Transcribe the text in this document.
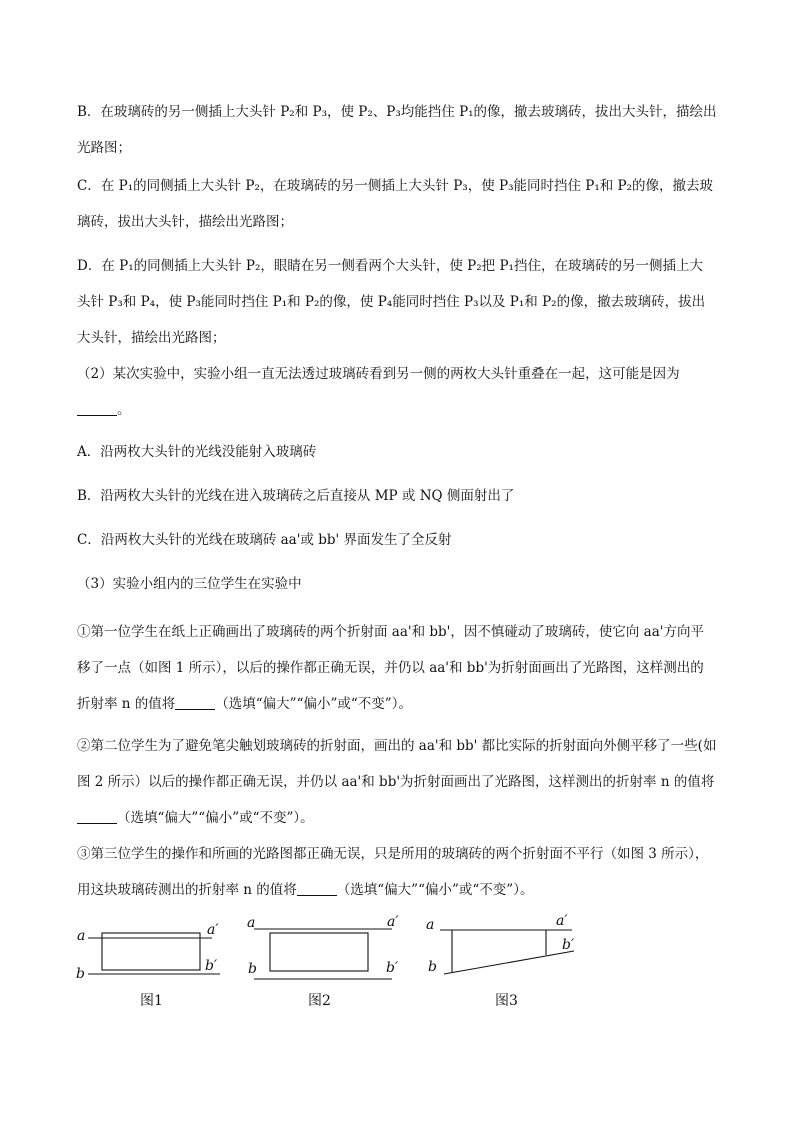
B．在玻璃砖的另一侧插上大头针 P₂和 P₃，使 P₂、P₃均能挡住 P₁的像，撤去玻璃砖，拔出大头针，描绘出
光路图；

C．在 P₁的同侧插上大头针 P₂，在玻璃砖的另一侧插上大头针 P₃，使 P₃能同时挡住 P₁和 P₂的像，撤去玻
璃砖，拔出大头针，描绘出光路图；

D．在 P₁的同侧插上大头针 P₂，眼睛在另一侧看两个大头针，使 P₂把 P₁挡住，在玻璃砖的另一侧插上大
头针 P₃和 P₄，使 P₃能同时挡住 P₁和 P₂的像，使 P₄能同时挡住 P₃以及 P₁和 P₂的像，撤去玻璃砖，拔出
大头针，描绘出光路图；

（2）某次实验中，实验小组一直无法透过玻璃砖看到另一侧的两枚大头针重叠在一起，这可能是因为
。

A．沿两枚大头针的光线没能射入玻璃砖

B．沿两枚大头针的光线在进入玻璃砖之后直接从 MP 或 NQ 侧面射出了

C．沿两枚大头针的光线在玻璃砖 aa'或 bb' 界面发生了全反射

（3）实验小组内的三位学生在实验中

①第一位学生在纸上正确画出了玻璃砖的两个折射面 aa'和 bb'，因不慎碰动了玻璃砖，使它向 aa'方向平
移了一点（如图 1 所示），以后的操作都正确无误，并仍以 aa'和 bb'为折射面画出了光路图，这样测出的
折射率 n 的值将	（选填“偏大”“偏小”或“不变”）。

②第二位学生为了避免笔尖触划玻璃砖的折射面，画出的 aa'和 bb' 都比实际的折射面向外侧平移了一些(如
图 2 所示）以后的操作都正确无误，并仍以 aa'和 bb'为折射面画出了光路图，这样测出的折射率 n 的值将
（选填“偏大”“偏小”或“不变”）。

③第三位学生的操作和所画的光路图都正确无误，只是所用的玻璃砖的两个折射面不平行（如图 3 所示），
用这块玻璃砖测出的折射率 n 的值将	（选填“偏大”“偏小”或“不变”）。

a	a′
b	b′
图1
a	a′
b	b′
图2
a	a′
b
b′
图3
